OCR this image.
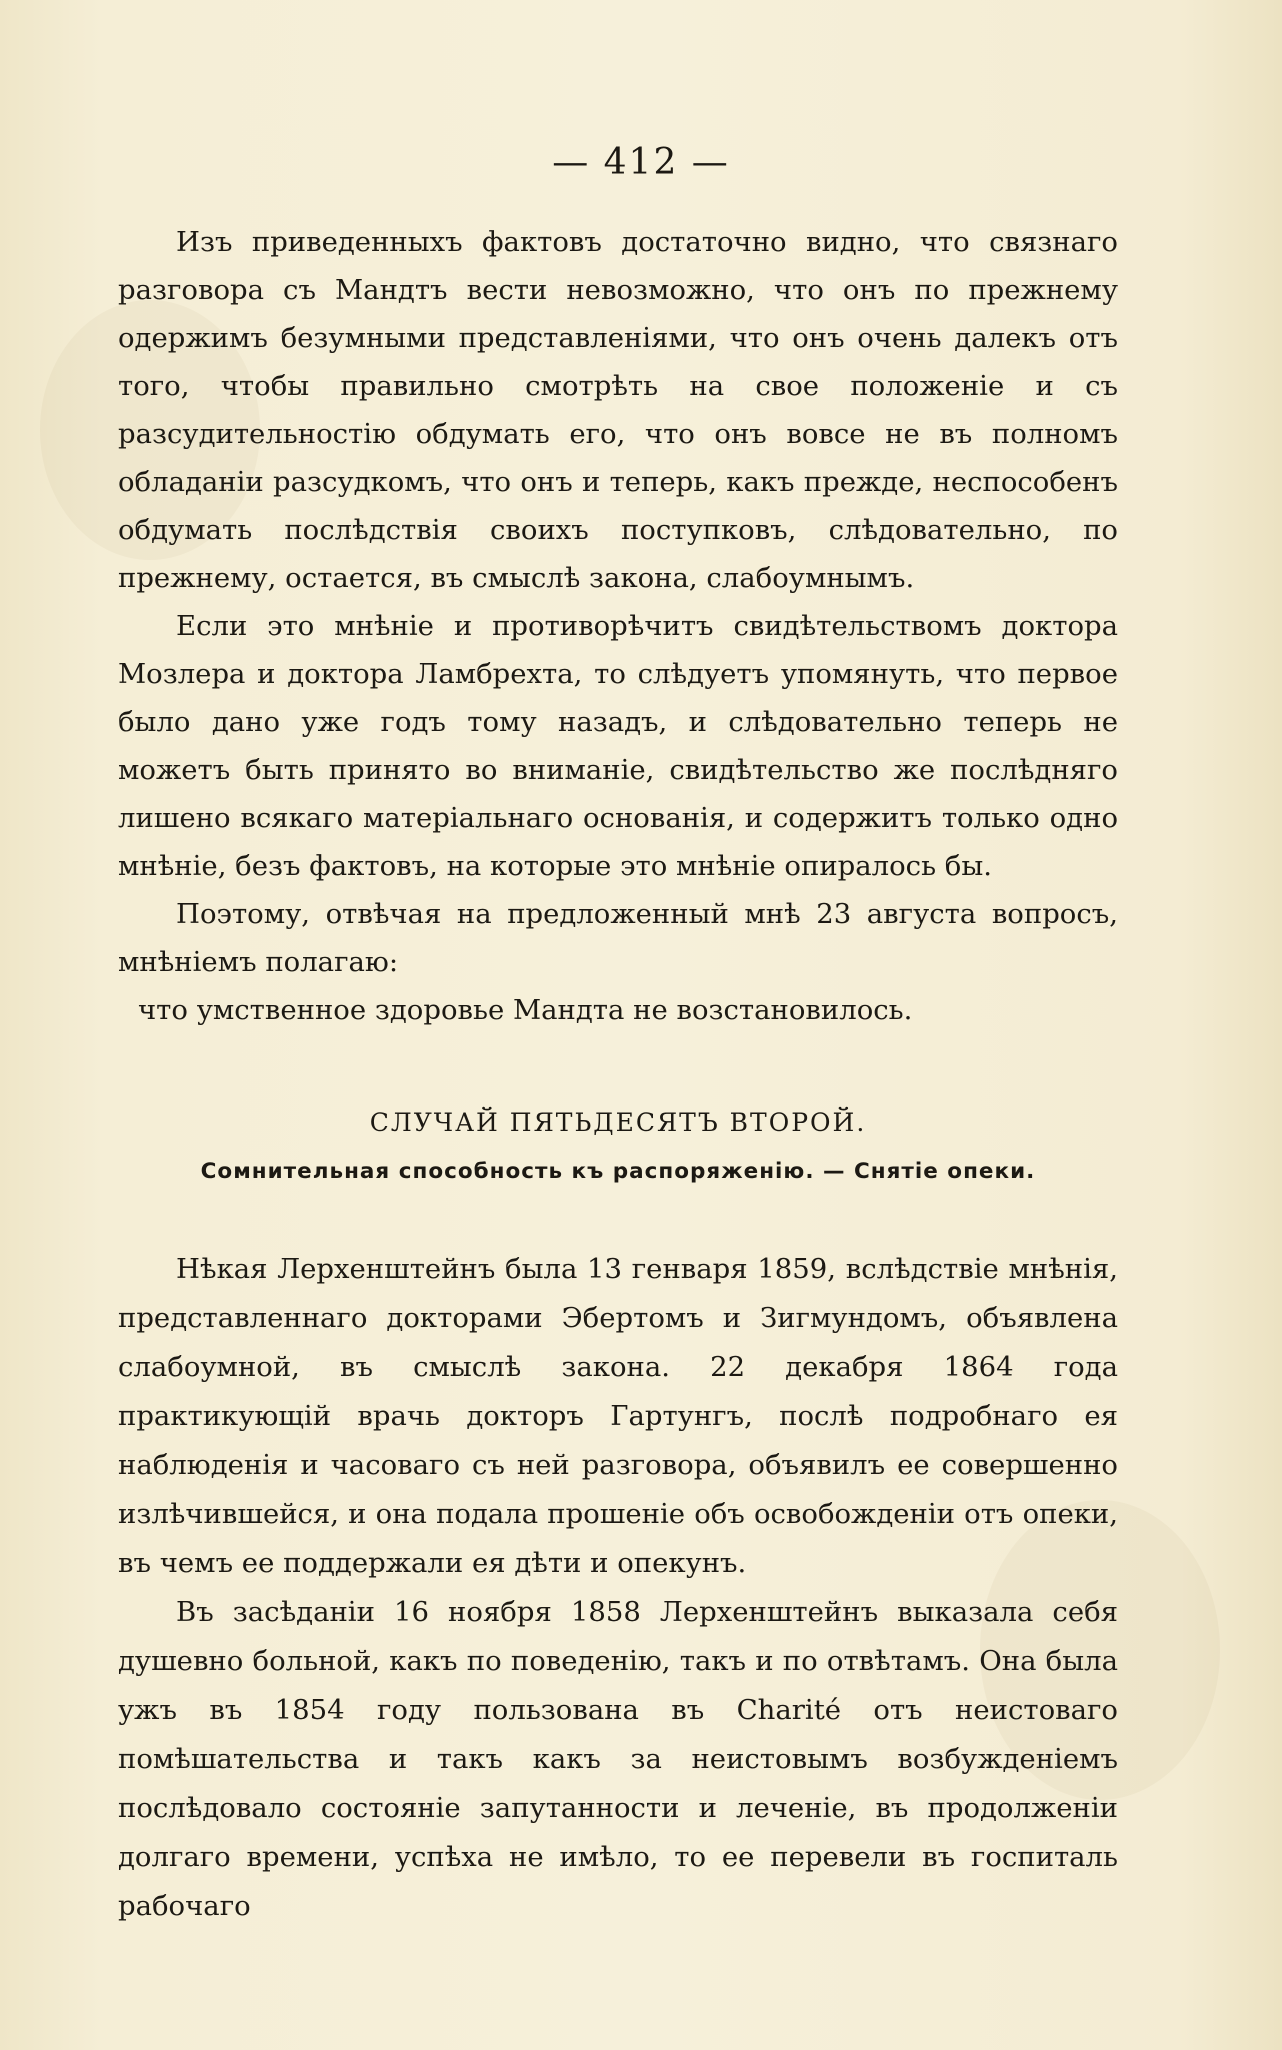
— 412 —

Изъ приведенныхъ фактовъ достаточно видно, что связнаго разговора съ Мандтъ вести невозможно, что онъ по прежнему одержимъ безумными представленіями, что онъ очень далекъ отъ того, чтобы правильно смотрѣть на свое положеніе и съ разсудительностію обдумать его, что онъ вовсе не въ полномъ обладаніи разсудкомъ, что онъ и теперь, какъ прежде, неспособенъ обдумать послѣдствія своихъ поступковъ, слѣдовательно, по прежнему, остается, въ смыслѣ закона, слабоумнымъ.

Если это мнѣніе и противорѣчитъ свидѣтельствомъ доктора Мозлера и доктора Ламбрехта, то слѣдуетъ упомянуть, что первое было дано уже годъ тому назадъ, и слѣдовательно теперь не можетъ быть принято во вниманіе, свидѣтельство же послѣдняго лишено всякаго матеріальнаго основанія, и содержитъ только одно мнѣніе, безъ фактовъ, на которые это мнѣніе опиралось бы.

Поэтому, отвѣчая на предложенный мнѣ 23 августа вопросъ, мнѣніемъ полагаю:

что умственное здоровье Мандта не возстановилось.

СЛУЧАЙ ПЯТЬДЕСЯТЪ ВТОРОЙ.
Сомнительная способность къ распоряженію. — Снятіе опеки.

Нѣкая Лерхенштейнъ была 13 генваря 1859, вслѣдствіе мнѣнія, представленнаго докторами Эбертомъ и Зигмундомъ, объявлена слабоумной, въ смыслѣ закона. 22 декабря 1864 года практикующій врачь докторъ Гартунгъ, послѣ подробнаго ея наблюденія и часоваго съ ней разговора, объявилъ ее совершенно излѣчившейся, и она подала прошеніе объ освобожденіи отъ опеки, въ чемъ ее поддержали ея дѣти и опекунъ.

Въ засѣданіи 16 ноября 1858 Лерхенштейнъ выказала себя душевно больной, какъ по поведенію, такъ и по отвѣтамъ. Она была ужъ въ 1854 году пользована въ Charité отъ неистоваго помѣшательства и такъ какъ за неистовымъ возбужденіемъ послѣдовало состояніе запутанности и леченіе, въ продолженіи долгаго времени, успѣха не имѣло, то ее перевели въ госпиталь рабочаго
